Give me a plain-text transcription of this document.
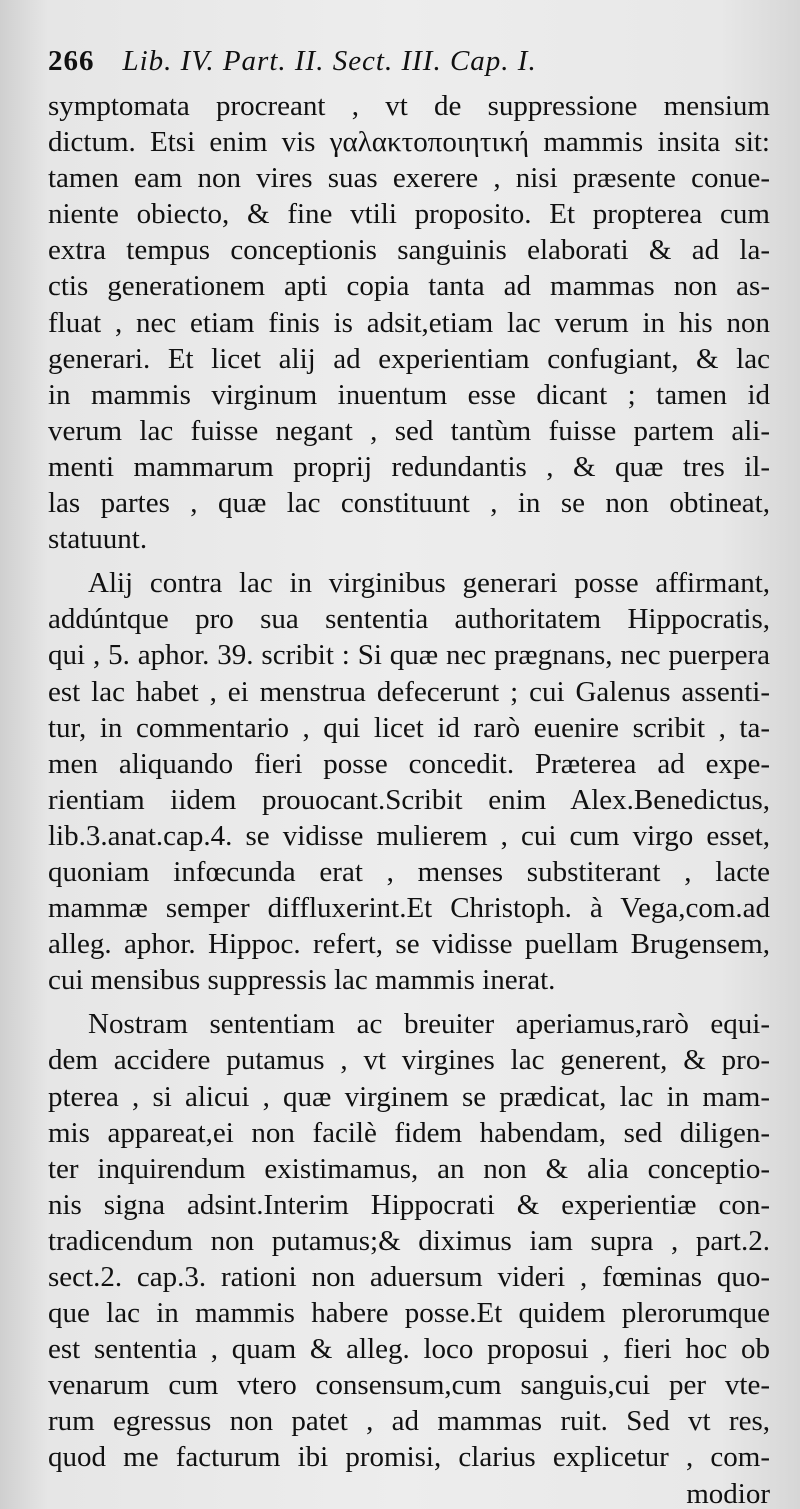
266 Lib. IV. Part. II. Sect. III. Cap. I.
symptomata procreant , vt de suppressione mensium
dictum. Etsi enim vis γαλακτοποιητική mammis insita sit:
tamen eam non vires suas exerere , nisi præsente conue-
niente obiecto, & fine vtili proposito. Et propterea cum
extra tempus conceptionis sanguinis elaborati & ad la-
ctis generationem apti copia tanta ad mammas non as-
fluat , nec etiam finis is adsit,etiam lac verum in his non
generari. Et licet alij ad experientiam confugiant, & lac
in mammis virginum inuentum esse dicant ; tamen id
verum lac fuisse negant , sed tantùm fuisse partem ali-
menti mammarum proprij redundantis , & quæ tres il-
las partes , quæ lac constituunt , in se non obtineat,
statuunt.
Alij contra lac in virginibus generari posse affirmant,
addúntque pro sua sententia authoritatem Hippocratis,
qui , 5. aphor. 39. scribit : Si quæ nec prægnans, nec puerpera
est lac habet , ei menstrua defecerunt ; cui Galenus assenti-
tur, in commentario , qui licet id rarò euenire scribit , ta-
men aliquando fieri posse concedit. Præterea ad expe-
rientiam iidem prouocant.Scribit enim Alex.Benedictus,
lib.3.anat.cap.4. se vidisse mulierem , cui cum virgo esset,
quoniam infœcunda erat , menses substiterant , lacte
mammæ semper diffluxerint.Et Christoph. à Vega,com.ad
alleg. aphor. Hippoc. refert, se vidisse puellam Brugensem,
cui mensibus suppressis lac mammis inerat.
Nostram sententiam ac breuiter aperiamus,rarò equi-
dem accidere putamus , vt virgines lac generent, & pro-
pterea , si alicui , quæ virginem se prædicat, lac in mam-
mis appareat,ei non facilè fidem habendam, sed diligen-
ter inquirendum existimamus, an non & alia conceptio-
nis signa adsint.Interim Hippocrati & experientiæ con-
tradicendum non putamus;& diximus iam supra , part.2.
sect.2. cap.3. rationi non aduersum videri , fœminas quo-
que lac in mammis habere posse.Et quidem plerorumque
est sententia , quam & alleg. loco proposui , fieri hoc ob
venarum cum vtero consensum,cum sanguis,cui per vte-
rum egressus non patet , ad mammas ruit. Sed vt res,
quod me facturum ibi promisi, clarius explicetur , com-
modior
